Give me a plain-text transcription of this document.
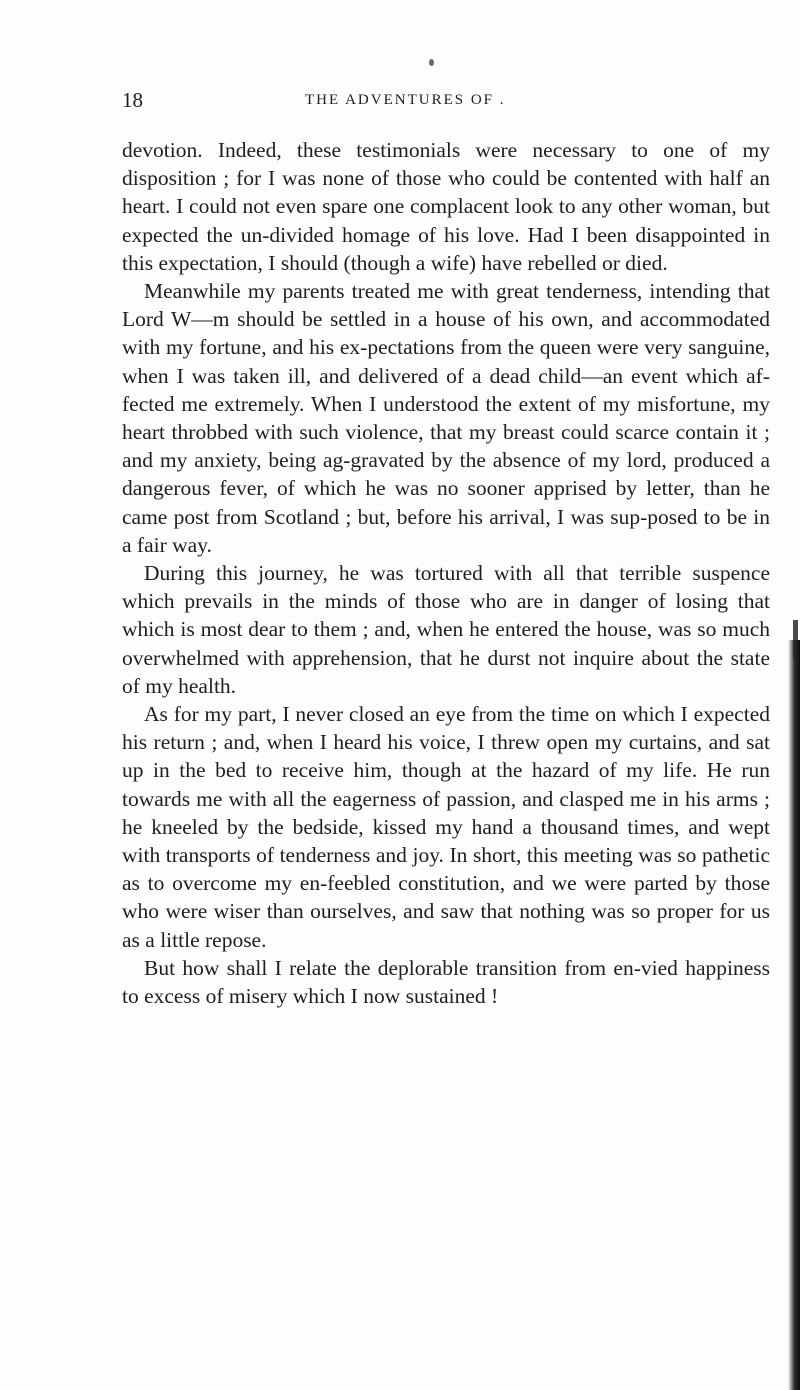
18	THE ADVENTURES OF .

devotion. Indeed, these testimonials were necessary to one of my disposition ; for I was none of those who could be contented with half an heart. I could not even spare one complacent look to any other woman, but expected the un-divided homage of his love. Had I been disappointed in this expectation, I should (though a wife) have rebelled or died.

Meanwhile my parents treated me with great tenderness, intending that Lord W—m should be settled in a house of his own, and accommodated with my fortune, and his ex-pectations from the queen were very sanguine, when I was taken ill, and delivered of a dead child—an event which af-fected me extremely. When I understood the extent of my misfortune, my heart throbbed with such violence, that my breast could scarce contain it ; and my anxiety, being ag-gravated by the absence of my lord, produced a dangerous fever, of which he was no sooner apprised by letter, than he came post from Scotland ; but, before his arrival, I was sup-posed to be in a fair way.

During this journey, he was tortured with all that terrible suspence which prevails in the minds of those who are in danger of losing that which is most dear to them ; and, when he entered the house, was so much overwhelmed with apprehension, that he durst not inquire about the state of my health.

As for my part, I never closed an eye from the time on which I expected his return ; and, when I heard his voice, I threw open my curtains, and sat up in the bed to receive him, though at the hazard of my life. He run towards me with all the eagerness of passion, and clasped me in his arms ; he kneeled by the bedside, kissed my hand a thousand times, and wept with transports of tenderness and joy. In short, this meeting was so pathetic as to overcome my en-feebled constitution, and we were parted by those who were wiser than ourselves, and saw that nothing was so proper for us as a little repose.

But how shall I relate the deplorable transition from en-vied happiness to excess of misery which I now sustained !
